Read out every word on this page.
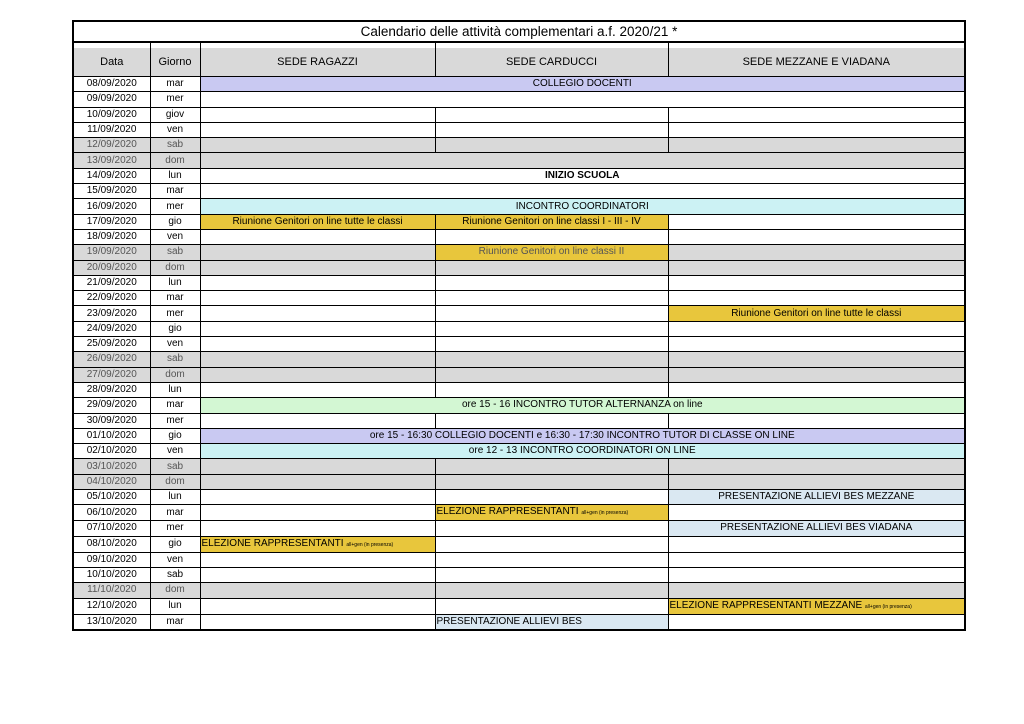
Calendario delle attività complementari a.f. 2020/21 *				

Data	Giorno	SEDE RAGAZZI	SEDE CARDUCCI	SEDE MEZZANE E VIADANA
08/09/2020	mar	COLLEGIO DOCENTI		
09/09/2020	mer			
10/09/2020	giov			
11/09/2020	ven			
12/09/2020	sab			
13/09/2020	dom			
14/09/2020	lun	INIZIO SCUOLA		
15/09/2020	mar			
16/09/2020	mer	INCONTRO COORDINATORI		
17/09/2020	gio	Riunione Genitori on line tutte le classi	Riunione Genitori on line classi I - III - IV	
18/09/2020	ven			
19/09/2020	sab		Riunione Genitori on line classi II	
20/09/2020	dom			
21/09/2020	lun			
22/09/2020	mar			
23/09/2020	mer			Riunione Genitori on line tutte le classi
24/09/2020	gio			
25/09/2020	ven			
26/09/2020	sab			
27/09/2020	dom			
28/09/2020	lun			
29/09/2020	mar	ore 15 - 16 INCONTRO TUTOR ALTERNANZA on line		
30/09/2020	mer			
01/10/2020	gio	ore 15 - 16:30 COLLEGIO DOCENTI e 16:30 - 17:30 INCONTRO TUTOR DI CLASSE ON LINE		
02/10/2020	ven	ore 12 - 13 INCONTRO COORDINATORI ON LINE		
03/10/2020	sab			
04/10/2020	dom			
05/10/2020	lun			PRESENTAZIONE ALLIEVI BES MEZZANE
06/10/2020	mar		ELEZIONE RAPPRESENTANTI all+gen (in presenza)	
07/10/2020	mer			PRESENTAZIONE ALLIEVI BES VIADANA
08/10/2020	gio	ELEZIONE RAPPRESENTANTI all+gen (in presenza)		
09/10/2020	ven			
10/10/2020	sab			
11/10/2020	dom			
12/10/2020	lun			ELEZIONE RAPPRESENTANTI MEZZANE all+gen (in presenza)
13/10/2020	mar		PRESENTAZIONE ALLIEVI BES	
